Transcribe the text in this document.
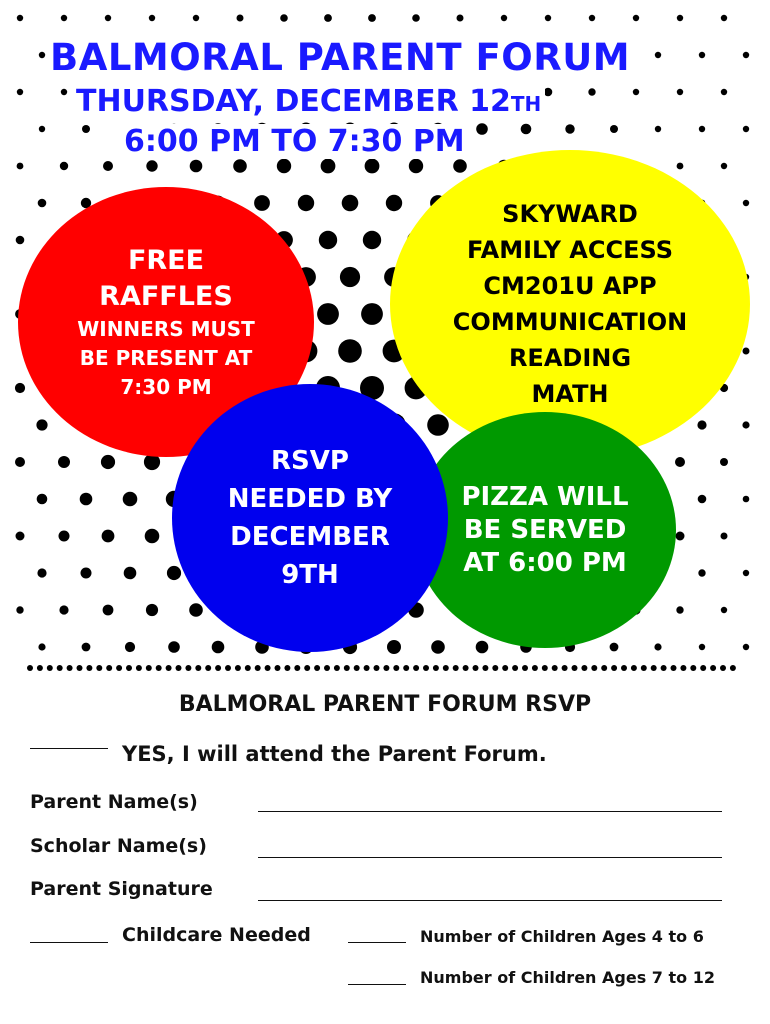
BALMORAL PARENT FORUM
THURSDAY, DECEMBER 12TH
6:00 PM TO 7:30 PM
SKYWARD
FAMILY ACCESS
CM201U APP
COMMUNICATION
READING
MATH
FREE
RAFFLES
WINNERS MUST
BE PRESENT AT
7:30 PM
PIZZA WILL
BE SERVED
AT 6:00 PM
RSVP
NEEDED BY
DECEMBER
9TH
BALMORAL PARENT FORUM RSVP
YES, I will attend the Parent Forum.
Parent Name(s)
Scholar Name(s)
Parent Signature
Childcare Needed	Number of Children Ages 4 to 6
Number of Children Ages 7 to 12
